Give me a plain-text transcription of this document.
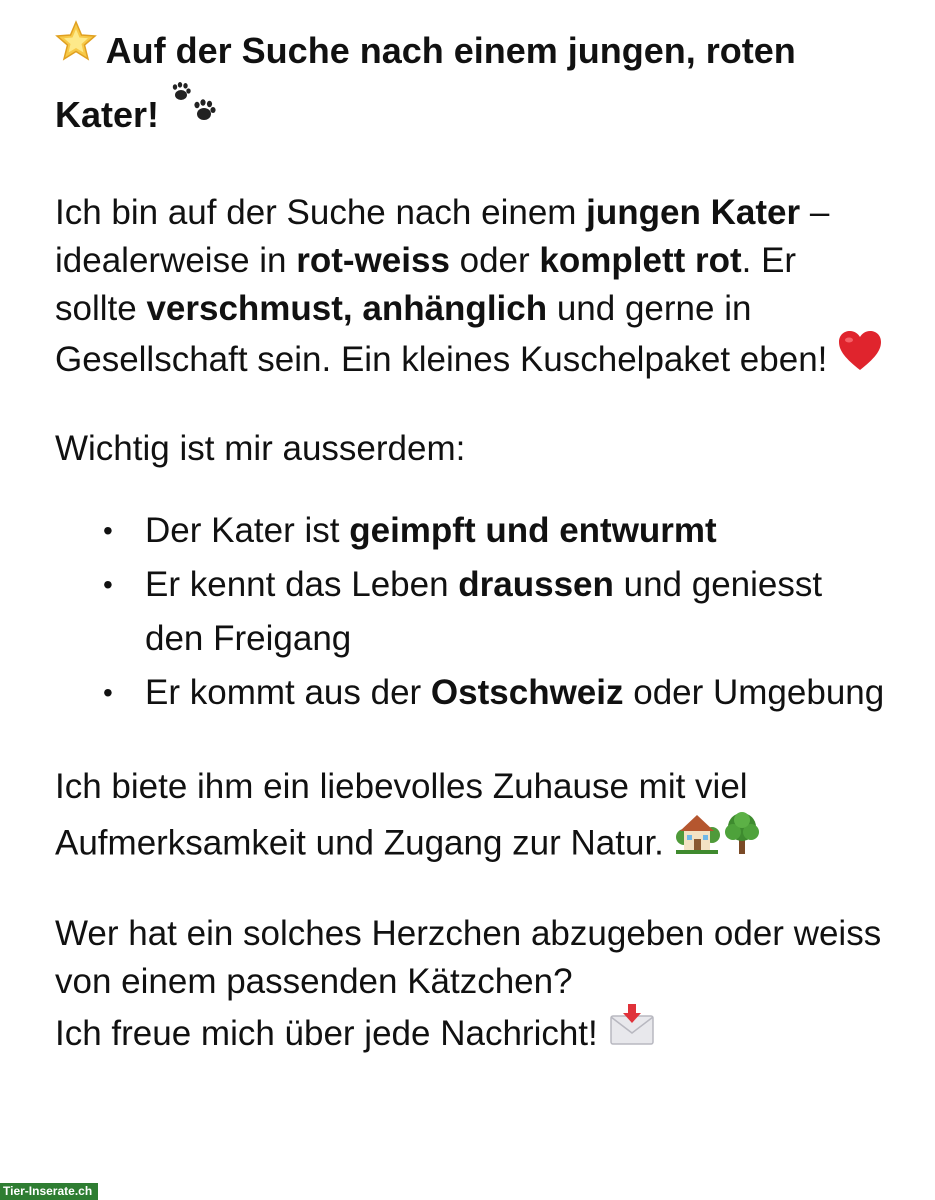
Auf der Suche nach einem jungen, roten Kater!

Ich bin auf der Suche nach einem jungen Kater – idealerweise in rot-weiss oder komplett rot. Er sollte verschmust, anhänglich und gerne in Gesellschaft sein. Ein kleines Kuschelpaket eben!

Wichtig ist mir ausserdem:

• Der Kater ist geimpft und entwurmt
• Er kennt das Leben draussen und geniesst den Freigang
• Er kommt aus der Ostschweiz oder Umgebung

Ich biete ihm ein liebevolles Zuhause mit viel Aufmerksamkeit und Zugang zur Natur.

Wer hat ein solches Herzchen abzugeben oder weiss von einem passenden Kätzchen?
Ich freue mich über jede Nachricht!

Tier-Inserate.ch
